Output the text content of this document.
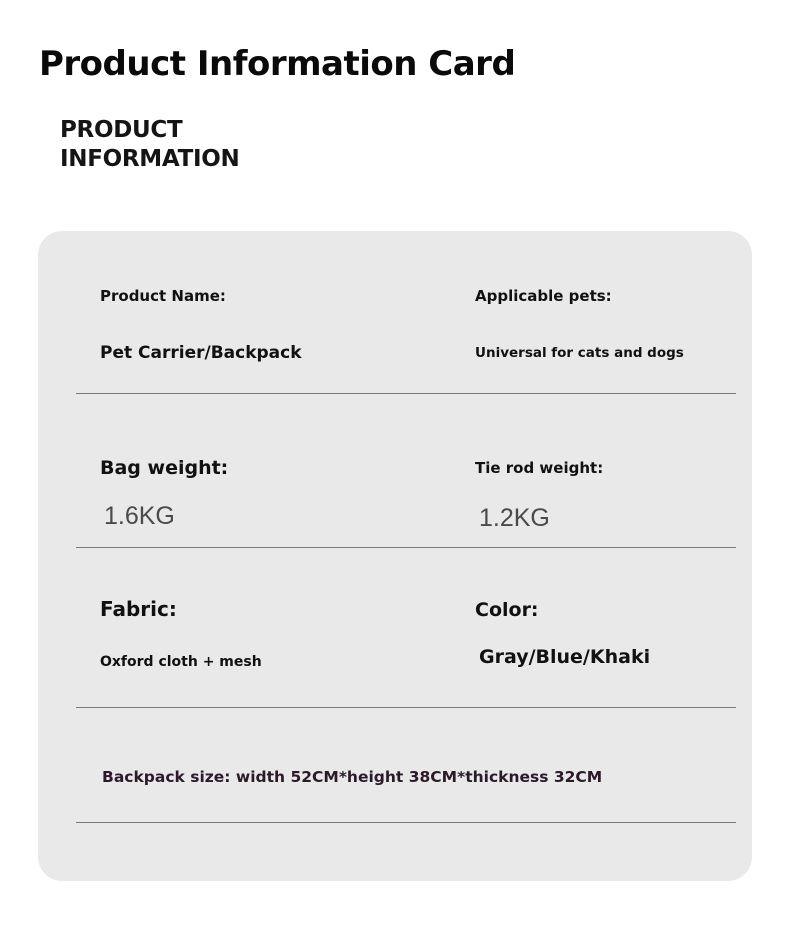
Product Information Card
PRODUCT
INFORMATION
Product Name:
Pet Carrier/Backpack
Applicable pets:
Universal for cats and dogs
Bag weight:
1.6KG
Tie rod weight:
1.2KG
Fabric:
Oxford cloth + mesh
Color:
Gray/Blue/Khaki
Backpack size: width 52CM*height 38CM*thickness 32CM
